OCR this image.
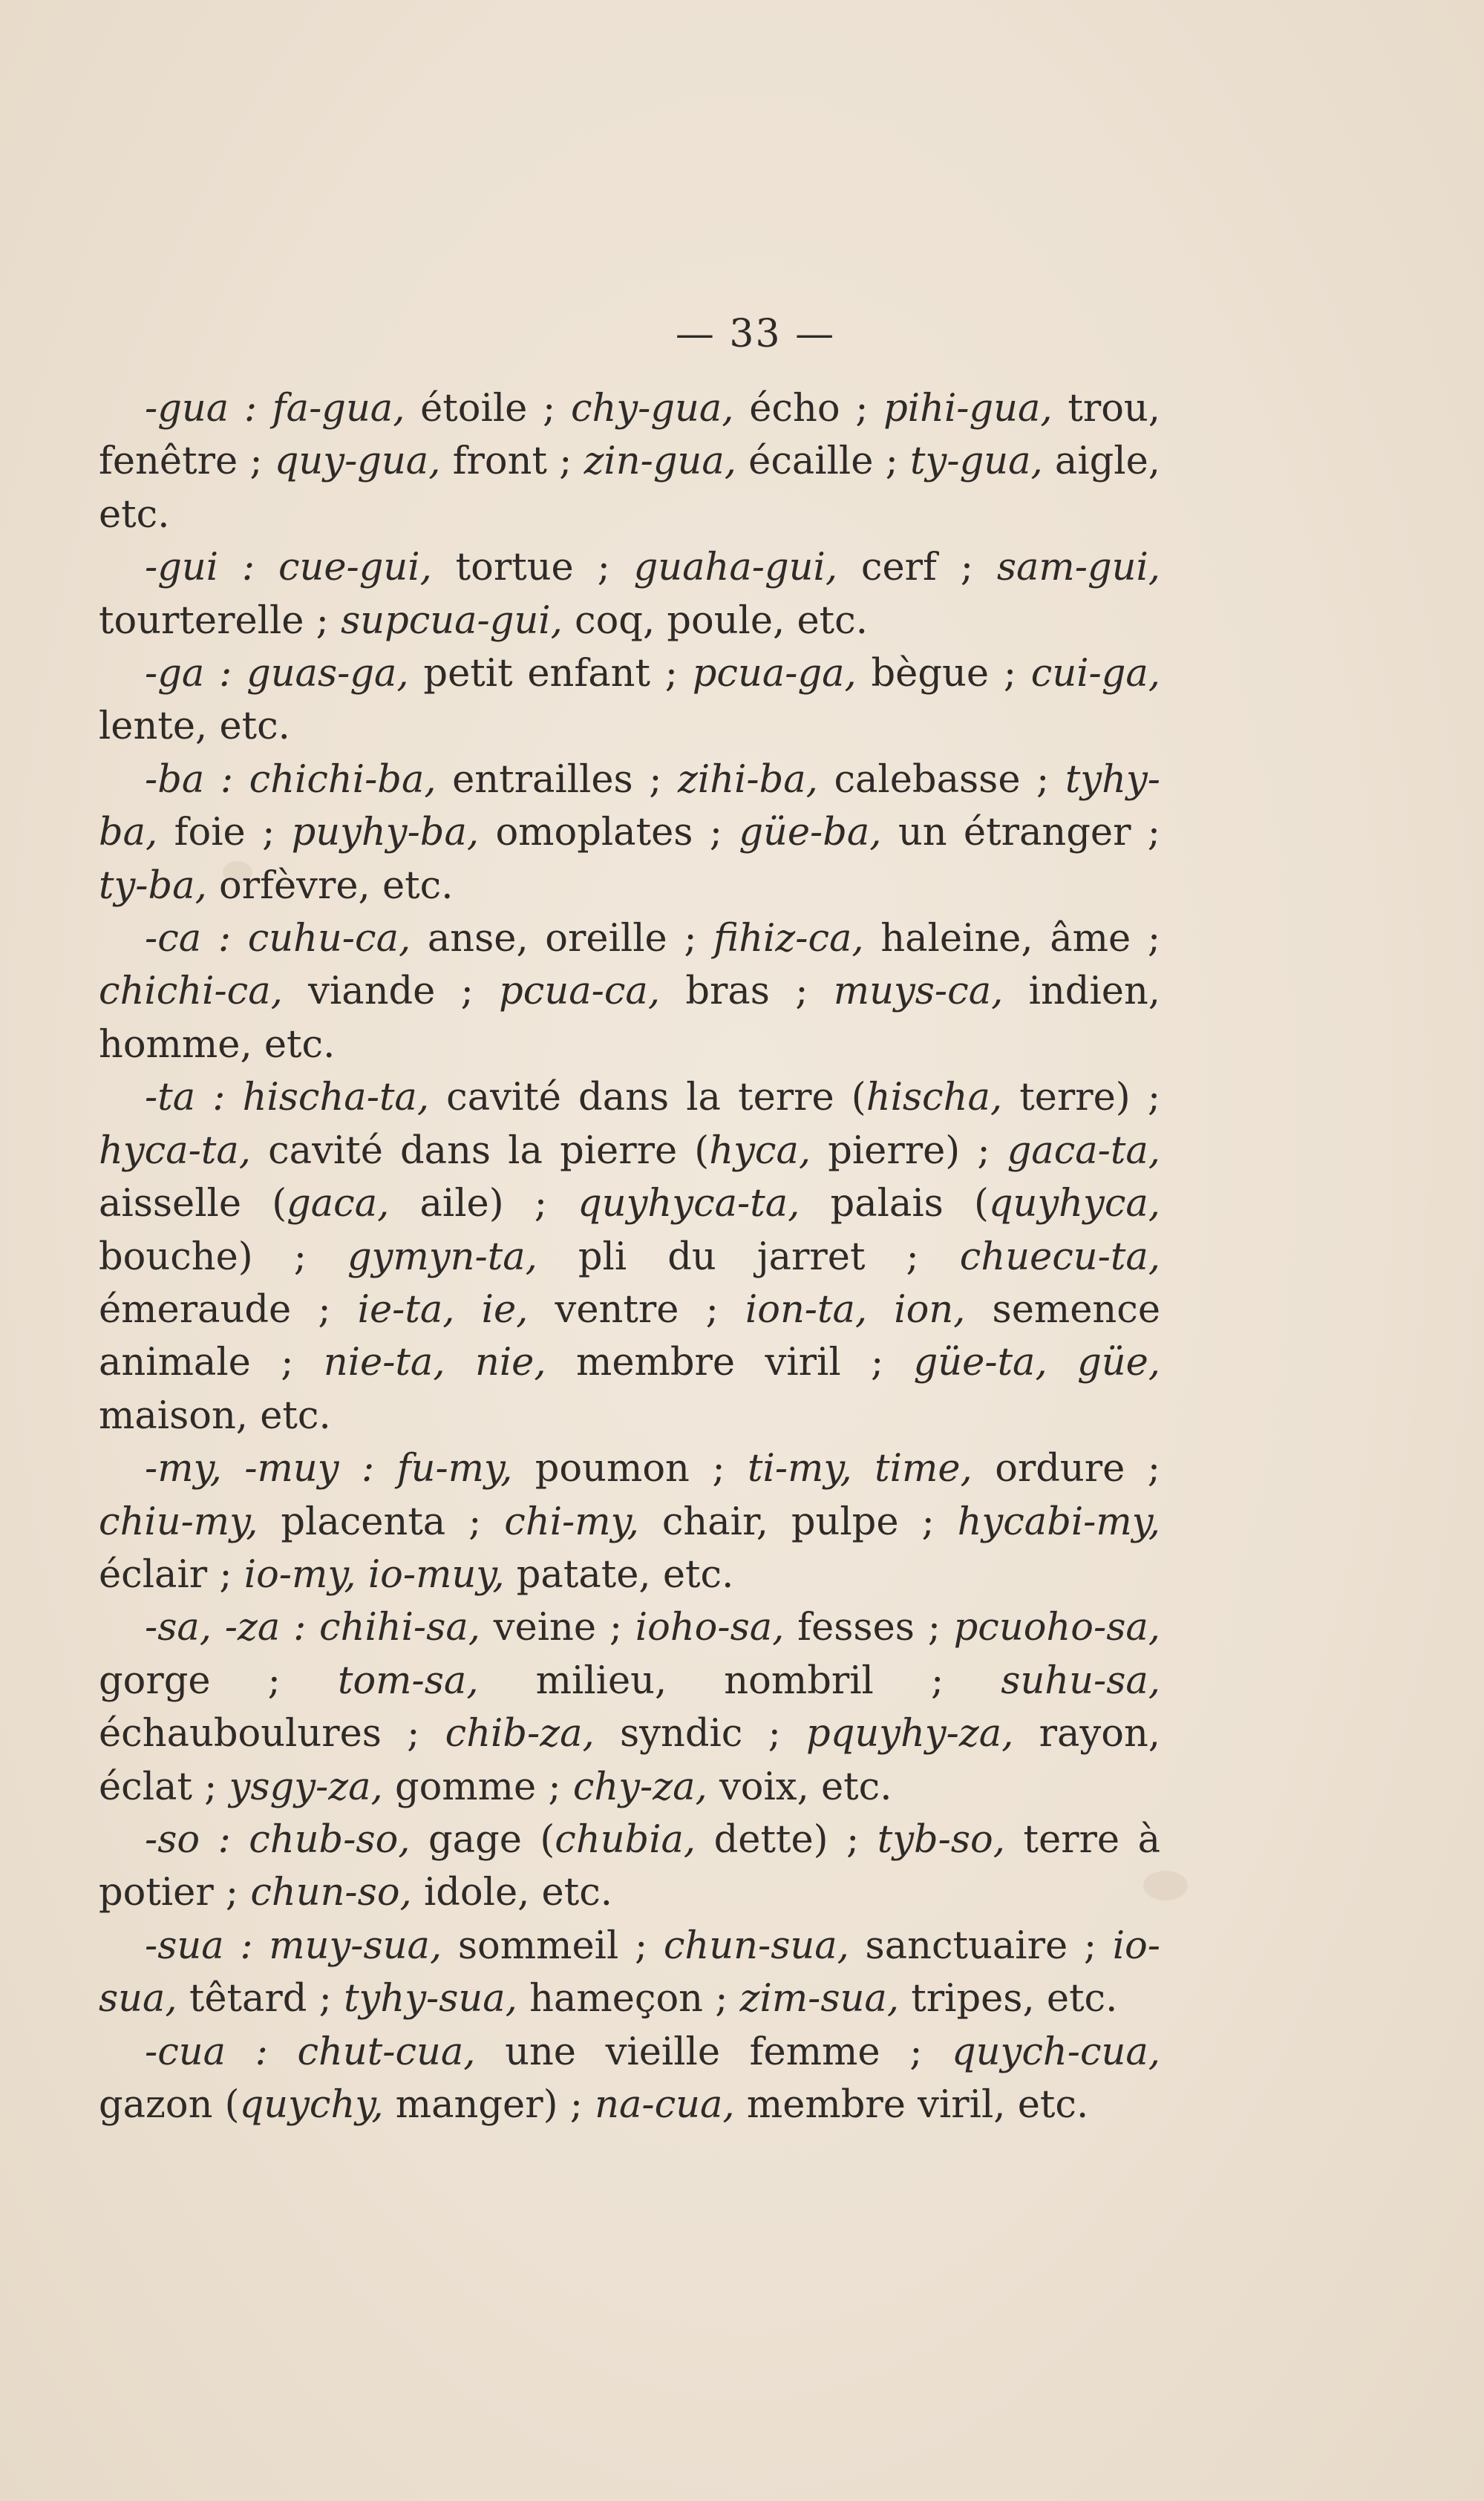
— 33 —

-gua : fa-gua, étoile ; chy-gua, écho ; pihi-gua, trou, fenêtre ; quy-gua, front ; zin-gua, écaille ; ty-gua, aigle, etc.

-gui : cue-gui, tortue ; guaha-gui, cerf ; sam-gui, tourterelle ; supcua-gui, coq, poule, etc.

-ga : guas-ga, petit enfant ; pcua-ga, bègue ; cui-ga, lente, etc.

-ba : chichi-ba, entrailles ; zihi-ba, calebasse ; tyhy-ba, foie ; puyhy-ba, omoplates ; güe-ba, un étranger ; ty-ba, orfèvre, etc.

-ca : cuhu-ca, anse, oreille ; fihiz-ca, haleine, âme ; chichi-ca, viande ; pcua-ca, bras ; muys-ca, indien, homme, etc.

-ta : hischa-ta, cavité dans la terre (hischa, terre) ; hyca-ta, cavité dans la pierre (hyca, pierre) ; gaca-ta, aisselle (gaca, aile) ; quyhyca-ta, palais (quyhyca, bouche) ; gymyn-ta, pli du jarret ; chuecu-ta, émeraude ; ie-ta, ie, ventre ; ion-ta, ion, semence animale ; nie-ta, nie, membre viril ; güe-ta, güe, maison, etc.

-my, -muy : fu-my, poumon ; ti-my, time, ordure ; chiu-my, placenta ; chi-my, chair, pulpe ; hycabi-my, éclair ; io-my, io-muy, patate, etc.

-sa, -za : chihi-sa, veine ; ioho-sa, fesses ; pcuoho-sa, gorge ; tom-sa, milieu, nombril ; suhu-sa, échauboulures ; chib-za, syndic ; pquyhy-za, rayon, éclat ; ysgy-za, gomme ; chy-za, voix, etc.

-so : chub-so, gage (chubia, dette) ; tyb-so, terre à potier ; chun-so, idole, etc.

-sua : muy-sua, sommeil ; chun-sua, sanctuaire ; io-sua, têtard ; tyhy-sua, hameçon ; zim-sua, tripes, etc.

-cua : chut-cua, une vieille femme ; quych-cua, gazon (quychy, manger) ; na-cua, membre viril, etc.
